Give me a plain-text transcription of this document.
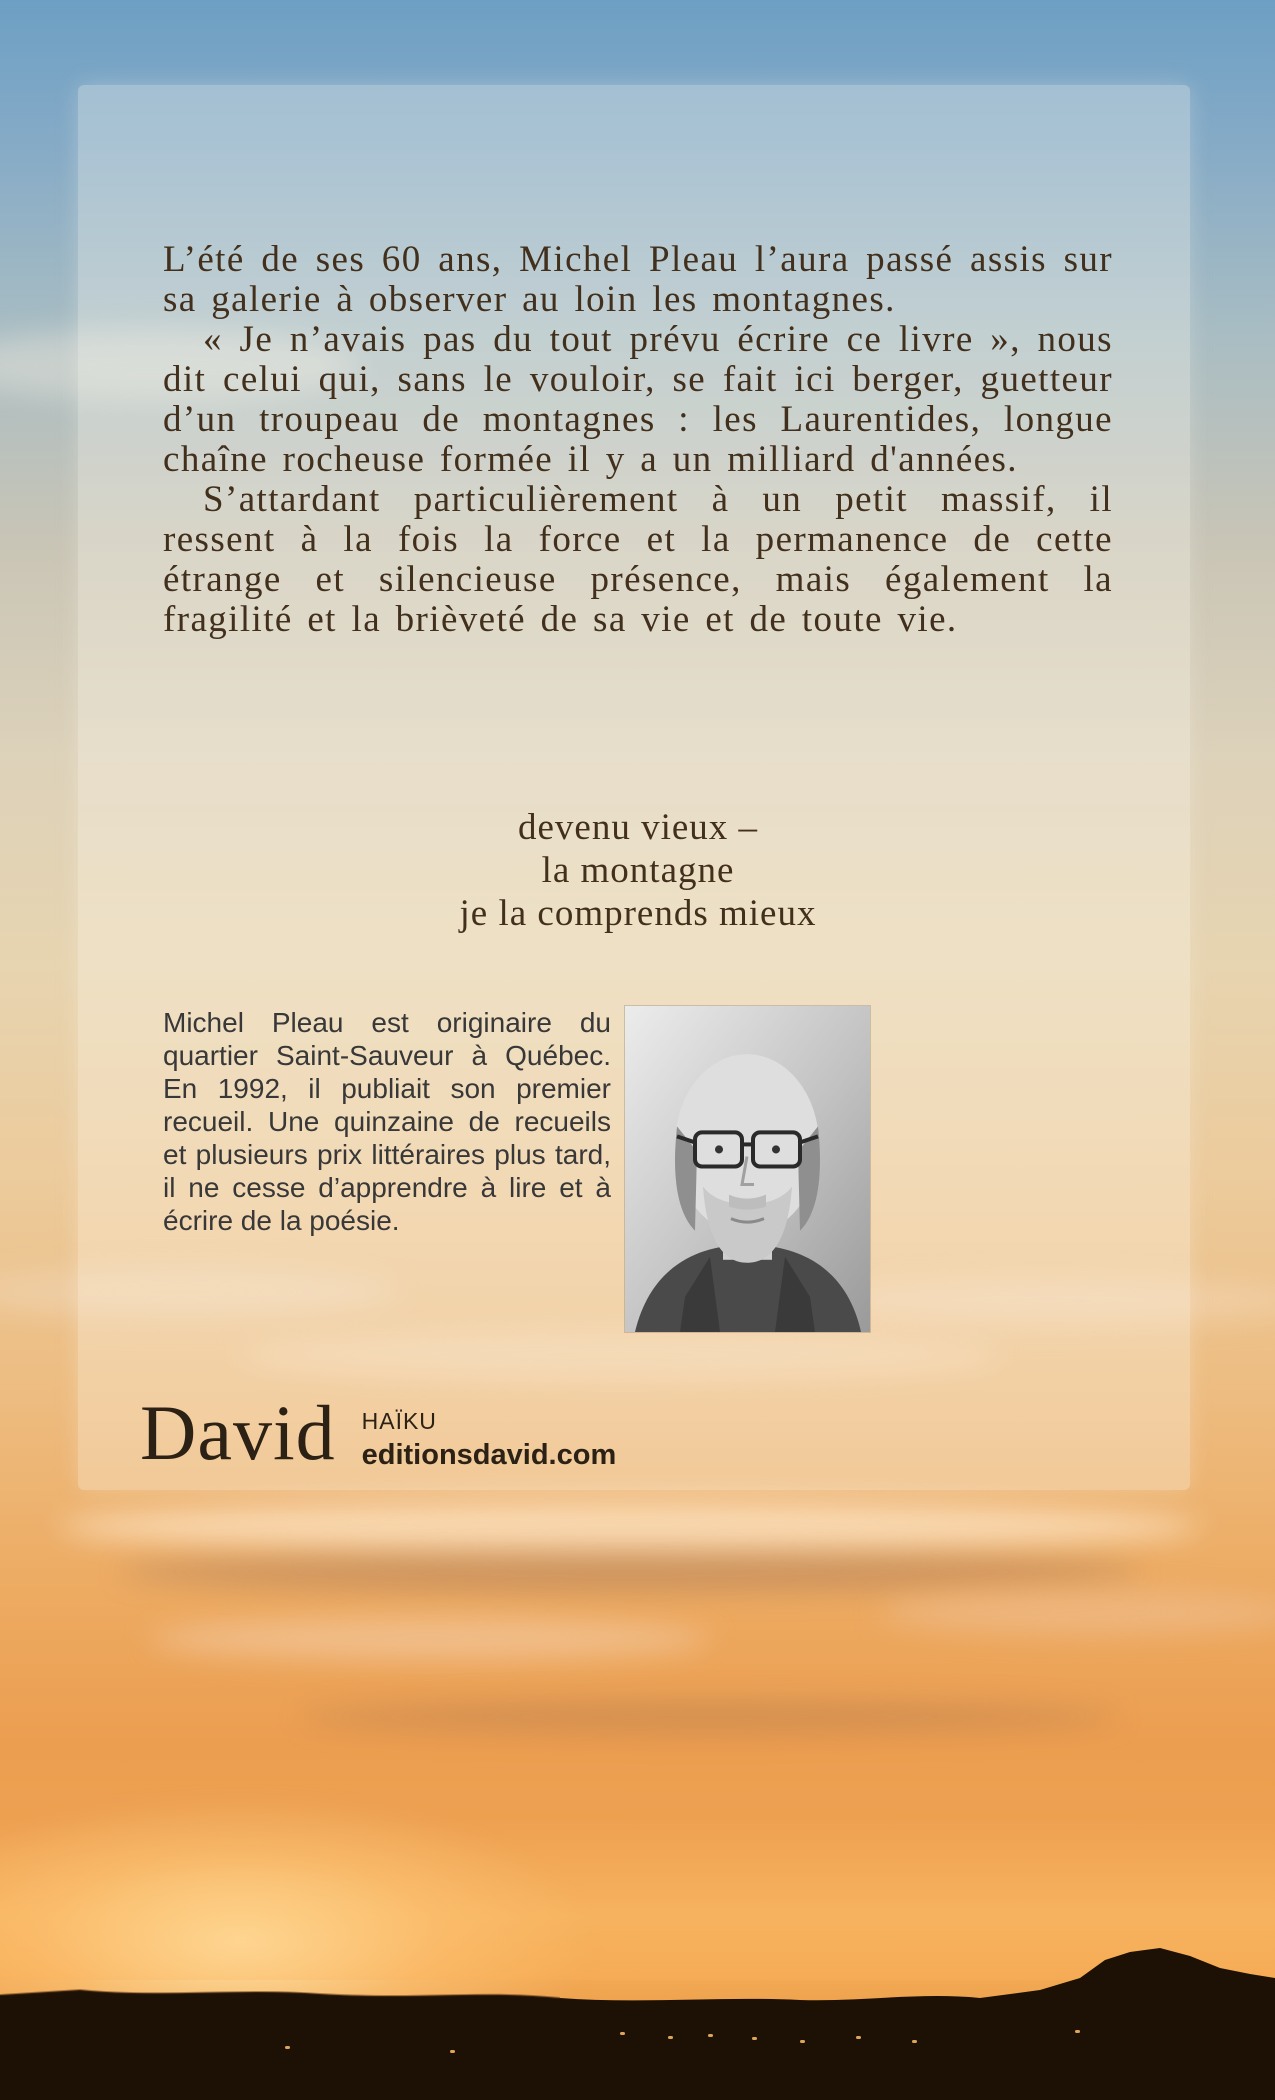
L’été de ses 60 ans, Michel Pleau l’aura passé assis sur sa galerie à observer au loin les montagnes.

« Je n’avais pas du tout prévu écrire ce livre », nous dit celui qui, sans le vouloir, se fait ici berger, guetteur d’un troupeau de montagnes : les Laurentides, longue chaîne rocheuse formée il y a un milliard d'années.

S’attardant particulièrement à un petit massif, il ressent à la fois la force et la permanence de cette étrange et silencieuse présence, mais également la fragilité et la brièveté de sa vie et de toute vie.

devenu vieux –
la montagne
je la comprends mieux

Michel Pleau est originaire du quartier Saint-Sauveur à Québec. En 1992, il publiait son premier recueil. Une quinzaine de recueils et plusieurs prix littéraires plus tard, il ne cesse d’apprendre à lire et à écrire de la poésie.

David HAÏKU
editionsdavid.com
